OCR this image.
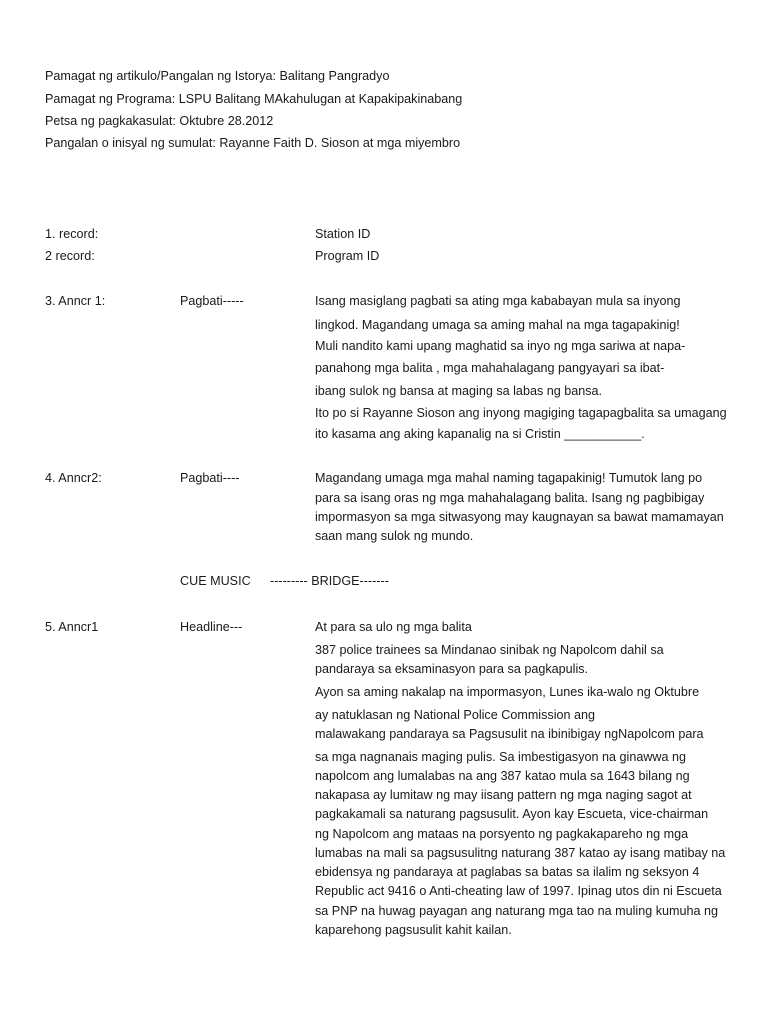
Pamagat ng artikulo/Pangalan ng Istorya: Balitang Pangradyo
Pamagat ng Programa: LSPU Balitang MAkahulugan at Kapakipakinabang
Petsa ng pagkakasulat: Oktubre 28.2012
Pangalan o inisyal ng sumulat: Rayanne Faith D. Sioson at mga miyembro
1. record:	Station ID
2 record:	Program ID
3. Anncr 1:	Pagbati-----	Isang masiglang pagbati sa ating mga kababayan mula sa inyong
lingkod. Magandang umaga sa aming mahal na mga tagapakinig!
Muli nandito kami upang maghatid sa inyo ng mga sariwa at napa-
panahong mga balita , mga mahahalagang pangyayari sa ibat-
ibang sulok ng bansa at maging sa labas ng bansa.
Ito po si Rayanne Sioson ang inyong magiging tagapagbalita sa umagang
ito kasama ang aking kapanalig na si Cristin ___________.
4. Anncr2:	Pagbati----	Magandang umaga mga mahal naming tagapakinig! Tumutok lang po
para sa isang oras ng mga mahahalagang balita. Isang ng pagbibigay
impormasyon sa mga sitwasyong may kaugnayan sa bawat mamamayan
saan mang sulok ng mundo.
CUE MUSIC --------- BRIDGE-------
5. Anncr1	Headline---	At para sa ulo ng mga balita
387 police trainees sa Mindanao sinibak ng Napolcom dahil sa
pandaraya sa eksaminasyon para sa pagkapulis.
Ayon sa aming nakalap na impormasyon, Lunes ika-walo ng Oktubre
ay natuklasan ng National Police Commission ang
malawakang pandaraya sa Pagsusulit na ibinibigay ngNapolcom para
sa mga nagnanais maging pulis. Sa imbestigasyon na ginawwa ng
napolcom ang lumalabas na ang 387 katao mula sa 1643 bilang ng
nakapasa ay lumitaw ng may iisang pattern ng mga naging sagot at
pagkakamali sa naturang pagsusulit. Ayon kay Escueta, vice-chairman
ng Napolcom ang mataas na porsyento ng pagkakapareho ng mga
lumabas na mali sa pagsusulitng naturang 387 katao ay isang matibay na
ebidensya ng pandaraya at paglabas sa batas sa ilalim ng seksyon 4
Republic act 9416 o Anti-cheating law of 1997. Ipinag utos din ni Escueta
sa PNP na huwag payagan ang naturang mga tao na muling kumuha ng
kaparehong pagsusulit kahit kailan.
